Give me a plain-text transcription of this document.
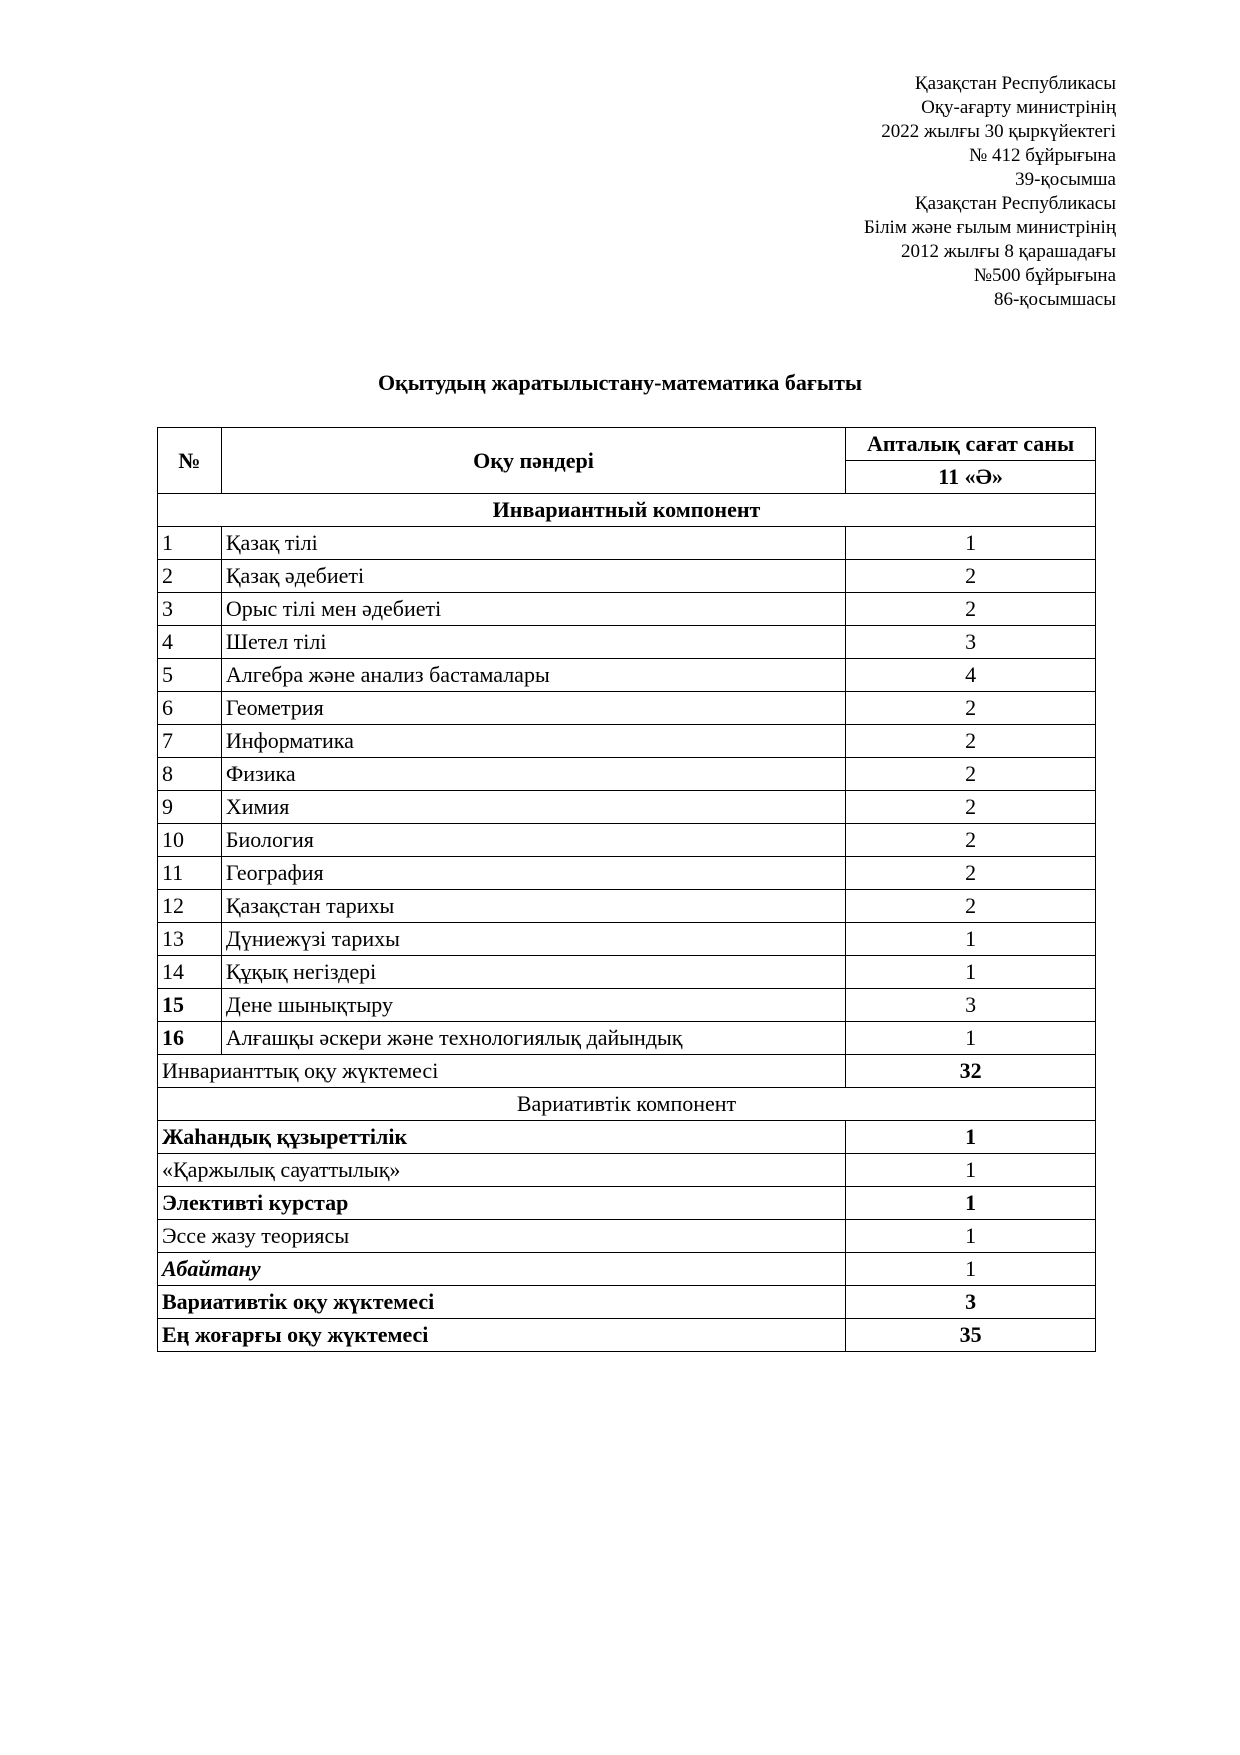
Қазақстан Республикасы
Оқу-ағарту министрінің
2022 жылғы 30 қыркүйектегі
№ 412 бұйрығына
39-қосымша
Қазақстан Республикасы
Білім және ғылым министрінің
2012 жылғы 8 қарашадағы
№500 бұйрығына
86-қосымшасы
Оқытудың жаратылыстану-математика бағыты
№	Оқу пәндері	Апталық сағат саны
		11 «Ә»
Инвариантный компонент		
1	Қазақ тілі	1
2	Қазақ әдебиеті	2
3	Орыс тілі мен әдебиеті	2
4	Шетел тілі	3
5	Алгебра және анализ бастамалары	4
6	Геометрия	2
7	Информатика	2
8	Физика	2
9	Химия	2
10	Биология	2
11	География	2
12	Қазақстан тарихы	2
13	Дүниежүзі тарихы	1
14	Құқық негіздері	1
15	Дене шынықтыру	3
16	Алғашқы әскери және технологиялық дайындық	1
Инварианттық оқу жүктемесі		32
Вариативтік компонент		
Жаһандық құзыреттілік		1
«Қаржылық сауаттылық»		1
Элективті курстар		1
Эссе жазу теориясы		1
Абайтану		1
Вариативтік оқу жүктемесі		3
Ең жоғарғы оқу жүктемесі		35
